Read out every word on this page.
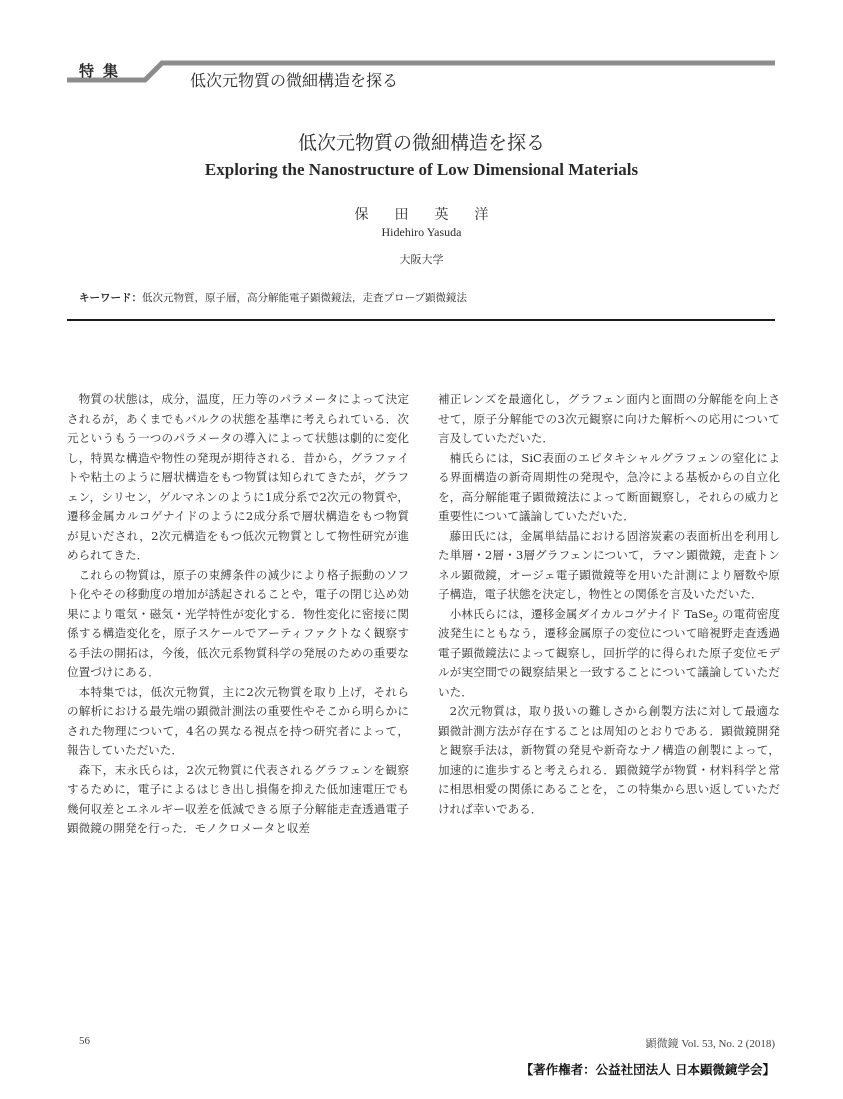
特集	低次元物質の微細構造を探る
低次元物質の微細構造を探る
Exploring the Nanostructure of Low Dimensional Materials
保田英洋
Hidehiro Yasuda
大阪大学
キーワード：低次元物質，原子層，高分解能電子顕微鏡法，走査プローブ顕微鏡法

物質の状態は，成分，温度，圧力等のパラメータによって決定されるが，あくまでもバルクの状態を基準に考えられている．次元というもう一つのパラメータの導入によって状態は劇的に変化し，特異な構造や物性の発現が期待される．昔から，グラファイトや粘土のように層状構造をもつ物質は知られてきたが，グラフェン，シリセン，ゲルマネンのように1成分系で2次元の物質や，遷移金属カルコゲナイドのように2成分系で層状構造をもつ物質が見いだされ，2次元構造をもつ低次元物質として物性研究が進められてきた．

これらの物質は，原子の束縛条件の減少により格子振動のソフト化やその移動度の増加が誘起されることや，電子の閉じ込め効果により電気・磁気・光学特性が変化する．物性変化に密接に関係する構造変化を，原子スケールでアーティファクトなく観察する手法の開拓は，今後，低次元系物質科学の発展のための重要な位置づけにある．

本特集では，低次元物質，主に2次元物質を取り上げ，それらの解析における最先端の顕微計測法の重要性やそこから明らかにされた物理について，4名の異なる視点を持つ研究者によって，報告していただいた．

森下，末永氏らは，2次元物質に代表されるグラフェンを観察するために，電子によるはじき出し損傷を抑えた低加速電圧でも幾何収差とエネルギー収差を低減できる原子分解能走査透過電子顕微鏡の開発を行った．モノクロメータと収差

補正レンズを最適化し，グラフェン面内と面間の分解能を向上させて，原子分解能での3次元観察に向けた解析への応用について言及していただいた．

楠氏らには，SiC表面のエピタキシャルグラフェンの窒化による界面構造の新奇周期性の発現や，急冷による基板からの自立化を，高分解能電子顕微鏡法によって断面観察し，それらの威力と重要性について議論していただいた．

藤田氏には，金属単結晶における固溶炭素の表面析出を利用した単層・2層・3層グラフェンについて，ラマン顕微鏡，走査トンネル顕微鏡，オージェ電子顕微鏡等を用いた計測により層数や原子構造，電子状態を決定し，物性との関係を言及いただいた．

小林氏らには，遷移金属ダイカルコゲナイド TaSe$_2$ の電荷密度波発生にともなう，遷移金属原子の変位について暗視野走査透過電子顕微鏡法によって観察し，回折学的に得られた原子変位モデルが実空間での観察結果と一致することについて議論していただいた．

2次元物質は，取り扱いの難しさから創製方法に対して最適な顕微計測方法が存在することは周知のとおりである．顕微鏡開発と観察手法は，新物質の発見や新奇なナノ構造の創製によって，加速的に進歩すると考えられる．顕微鏡学が物質・材料科学と常に相思相愛の関係にあることを，この特集から思い返していただければ幸いである．

56	顕微鏡 Vol. 53, No. 2 (2018)
【著作権者：公益社団法人 日本顕微鏡学会】
